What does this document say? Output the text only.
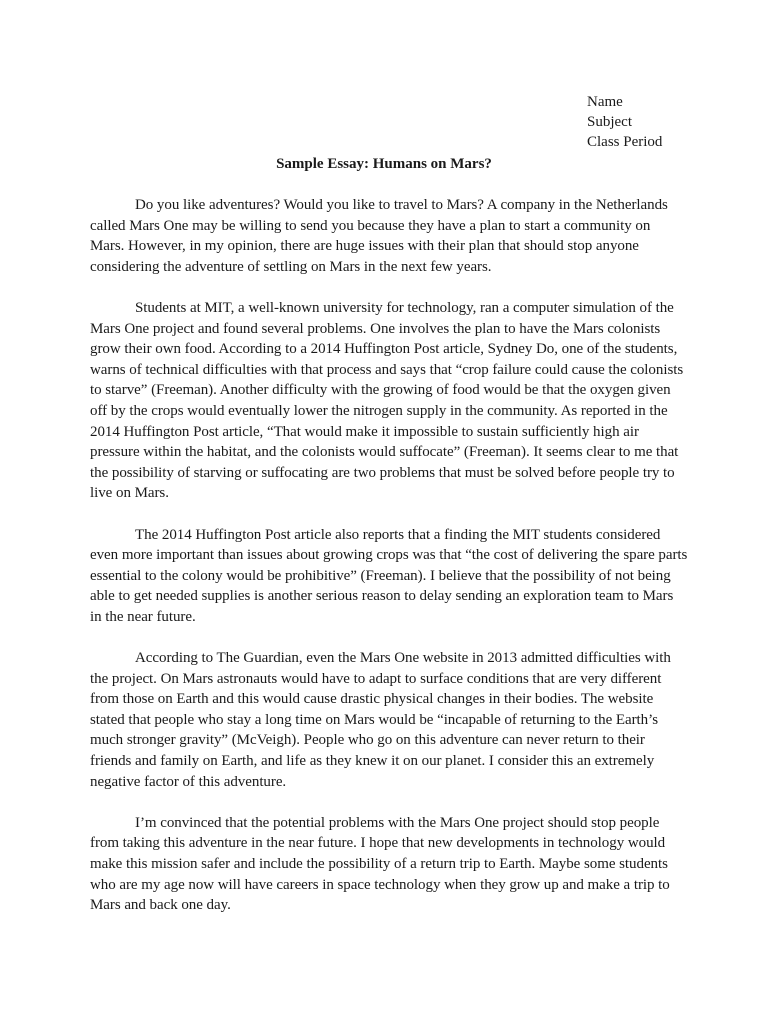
Name
Subject
Class Period
Sample Essay: Humans on Mars?

Do you like adventures? Would you like to travel to Mars? A company in the Netherlands called Mars One may be willing to send you because they have a plan to start a community on Mars. However, in my opinion, there are huge issues with their plan that should stop anyone considering the adventure of settling on Mars in the next few years.

Students at MIT, a well-known university for technology, ran a computer simulation of the Mars One project and found several problems. One involves the plan to have the Mars colonists grow their own food. According to a 2014 Huffington Post article, Sydney Do, one of the students, warns of technical difficulties with that process and says that “crop failure could cause the colonists to starve” (Freeman). Another difficulty with the growing of food would be that the oxygen given off by the crops would eventually lower the nitrogen supply in the community. As reported in the 2014 Huffington Post article, “That would make it impossible to sustain sufficiently high air pressure within the habitat, and the colonists would suffocate” (Freeman). It seems clear to me that the possibility of starving or suffocating are two problems that must be solved before people try to live on Mars.

The 2014 Huffington Post article also reports that a finding the MIT students considered even more important than issues about growing crops was that “the cost of delivering the spare parts essential to the colony would be prohibitive” (Freeman). I believe that the possibility of not being able to get needed supplies is another serious reason to delay sending an exploration team to Mars in the near future.

According to The Guardian, even the Mars One website in 2013 admitted difficulties with the project. On Mars astronauts would have to adapt to surface conditions that are very different from those on Earth and this would cause drastic physical changes in their bodies. The website stated that people who stay a long time on Mars would be “incapable of returning to the Earth’s much stronger gravity” (McVeigh). People who go on this adventure can never return to their friends and family on Earth, and life as they knew it on our planet. I consider this an extremely negative factor of this adventure.

I’m convinced that the potential problems with the Mars One project should stop people from taking this adventure in the near future. I hope that new developments in technology would make this mission safer and include the possibility of a return trip to Earth. Maybe some students who are my age now will have careers in space technology when they grow up and make a trip to Mars and back one day.
